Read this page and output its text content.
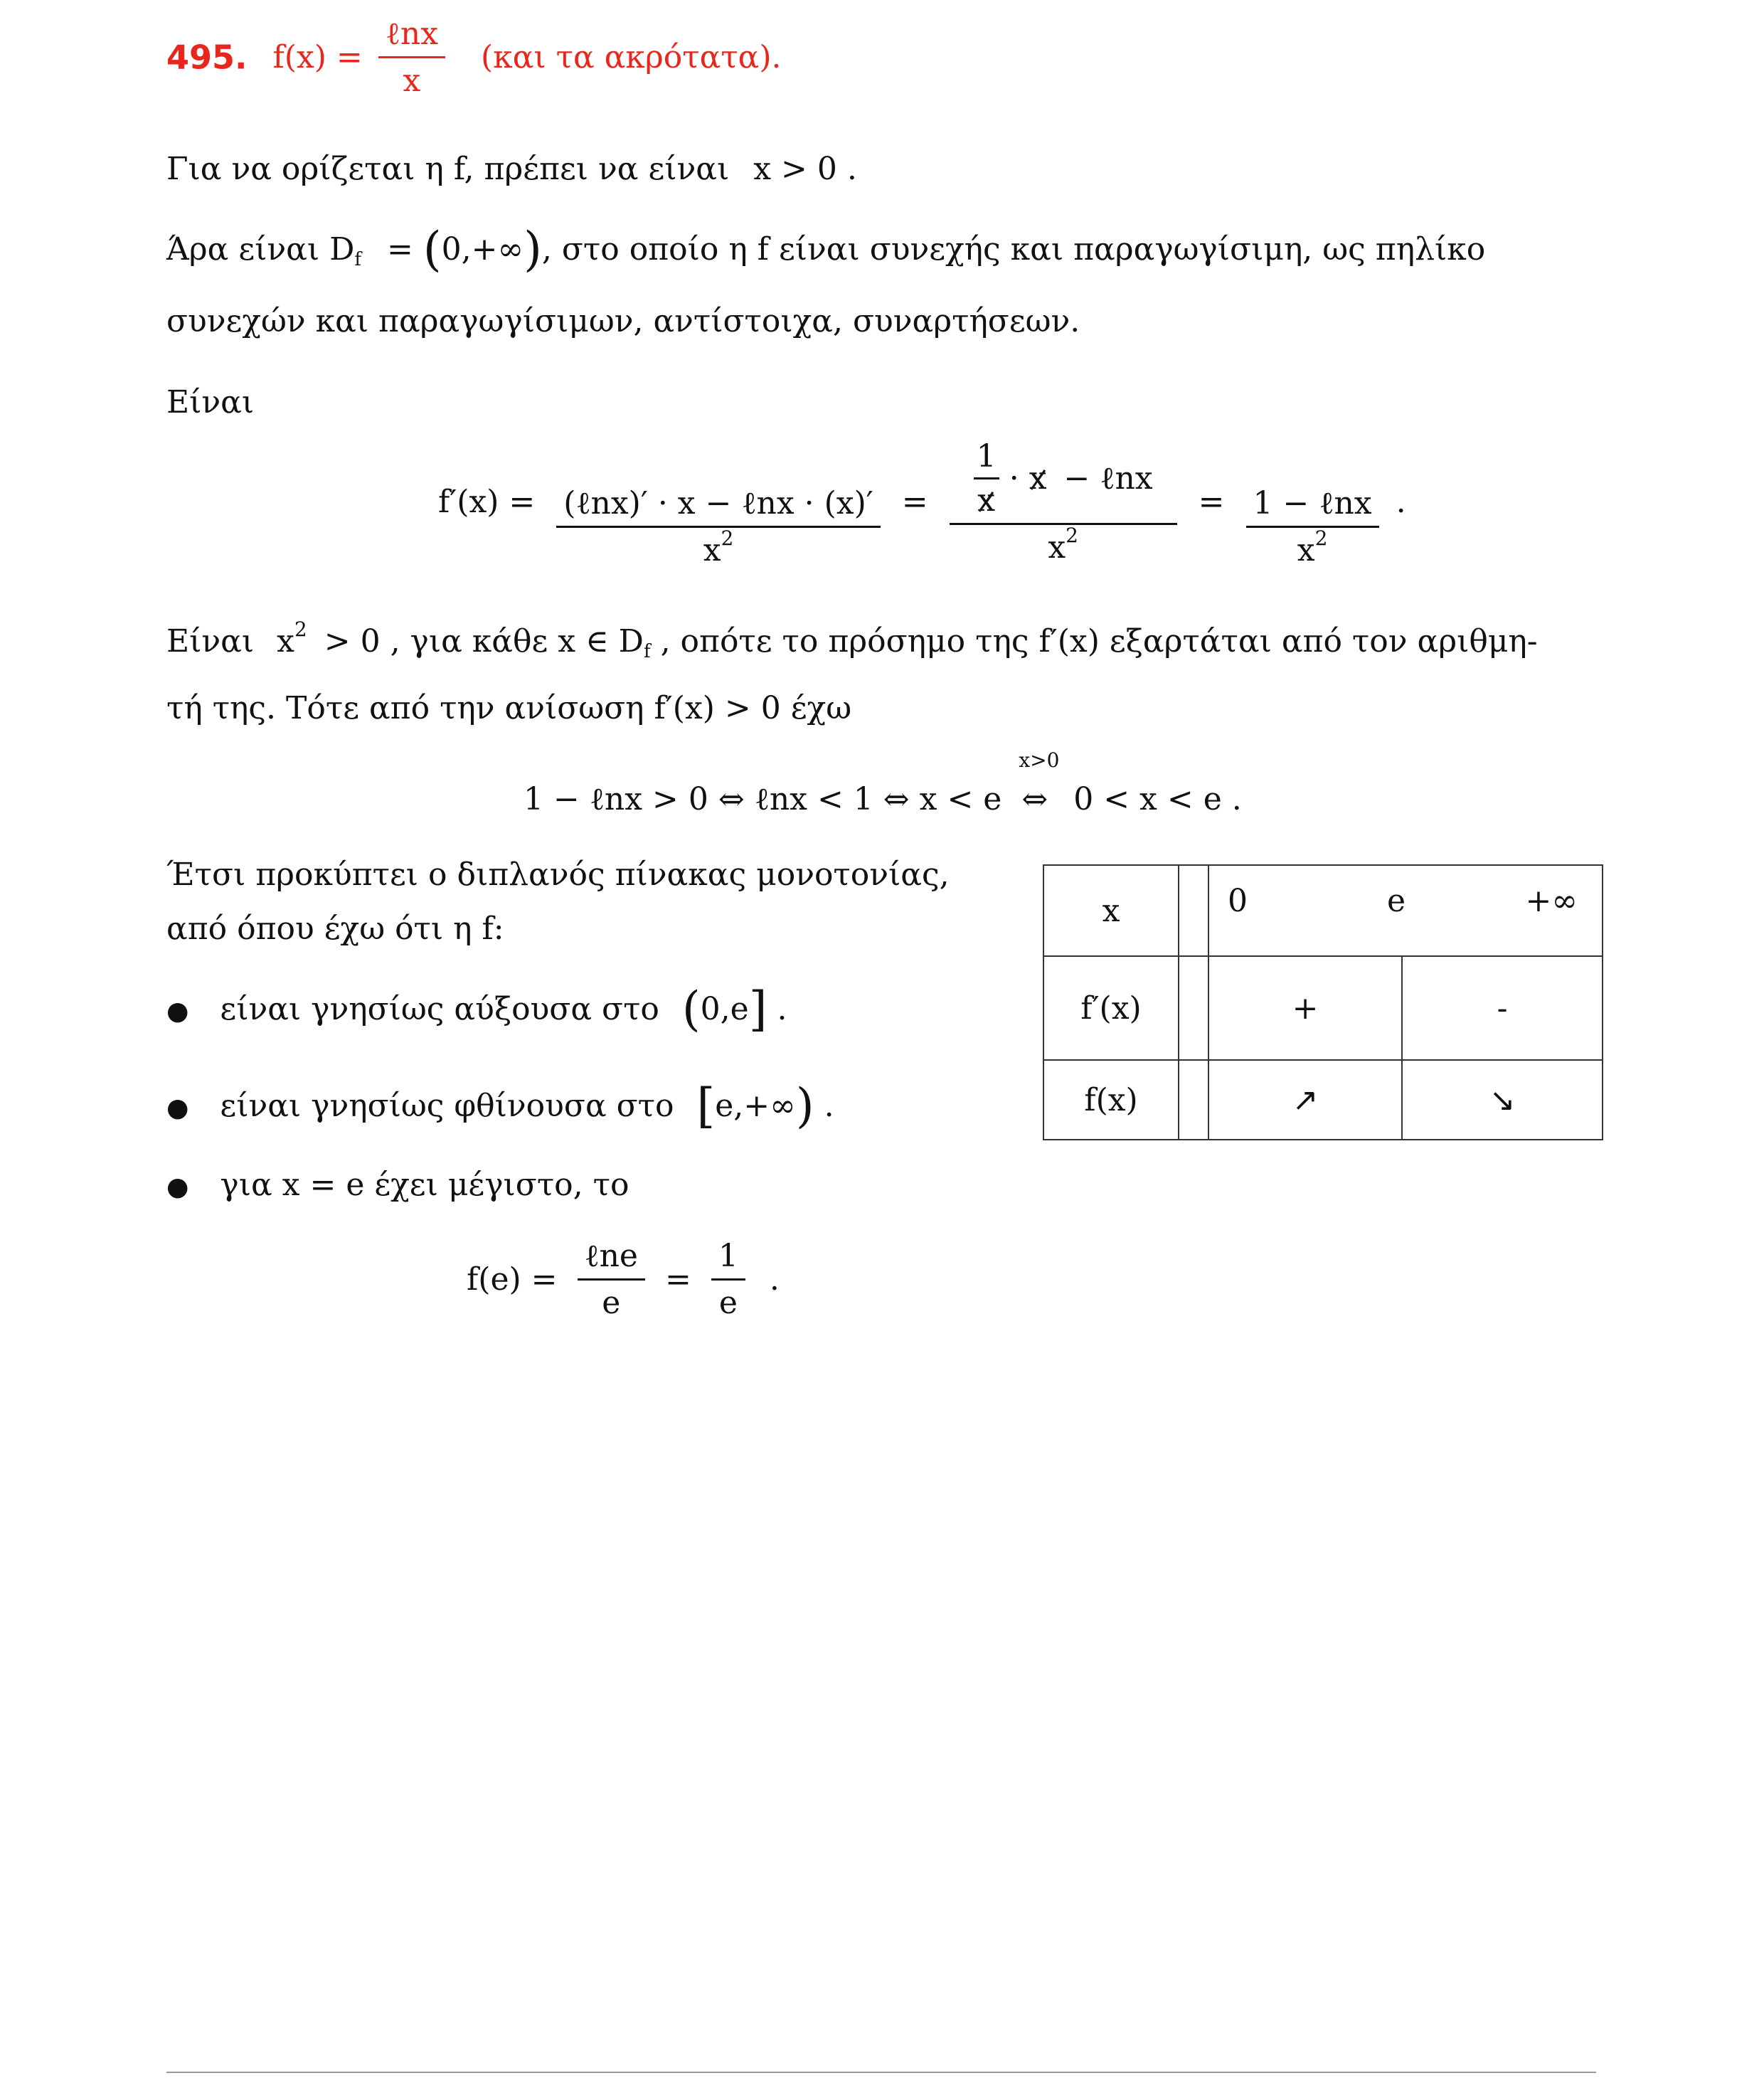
495. $f(x) = \frac{\text{ℓnx}}{x} (\kappa\alpha\iota$ τα ακρότατα).
Για να ορίζεται η f, πρέπει να είναι x > 0 .
Άρα είναι $D_f = (0,+\infty)$, στο οποίο η f είναι συνεχής και παραγωγίσιμη, ως πηλίκο
συνεχών και παραγωγίσιμων, αντίστοιχα, συναρτήσεων.
Είναι
$f'(x) = \frac{\text{(ℓnx)′ · x − ℓnx · (x)′}}{x^2} = \frac{\frac{1}{x} \cdot x - \ell nx}{x^2} = \frac{\text{1 − ℓnx}}{x^2}$ .
Είναι $x^2 > 0$ , για κάθε x ∈ $D_f$ , οπότε το πρόσημο της f′(x) εξαρτάται από τον αριθμη-
τή της. Τότε από την ανίσωση f′(x) > 0 έχω
1 − ℓnx > 0 ⇔ ℓnx < 1 ⇔ x < e
x>0
⇔ 0 < x < e .
Έτσι προκύπτει ο διπλανός πίνακας μονοτονίας,
από όπου έχω ότι η f:
● είναι γνησίως αύξουσα στο (0,e] .
● είναι γνησίως φθίνουσα στο [e,+∞) .
● για x = e έχει μέγιστο, το
$f(e) = \frac{\text{ℓne}}{e} = \frac{1}{e}$ .
x		0 e +∞	

f′(x)		+	-
f(x)		↗	↘
